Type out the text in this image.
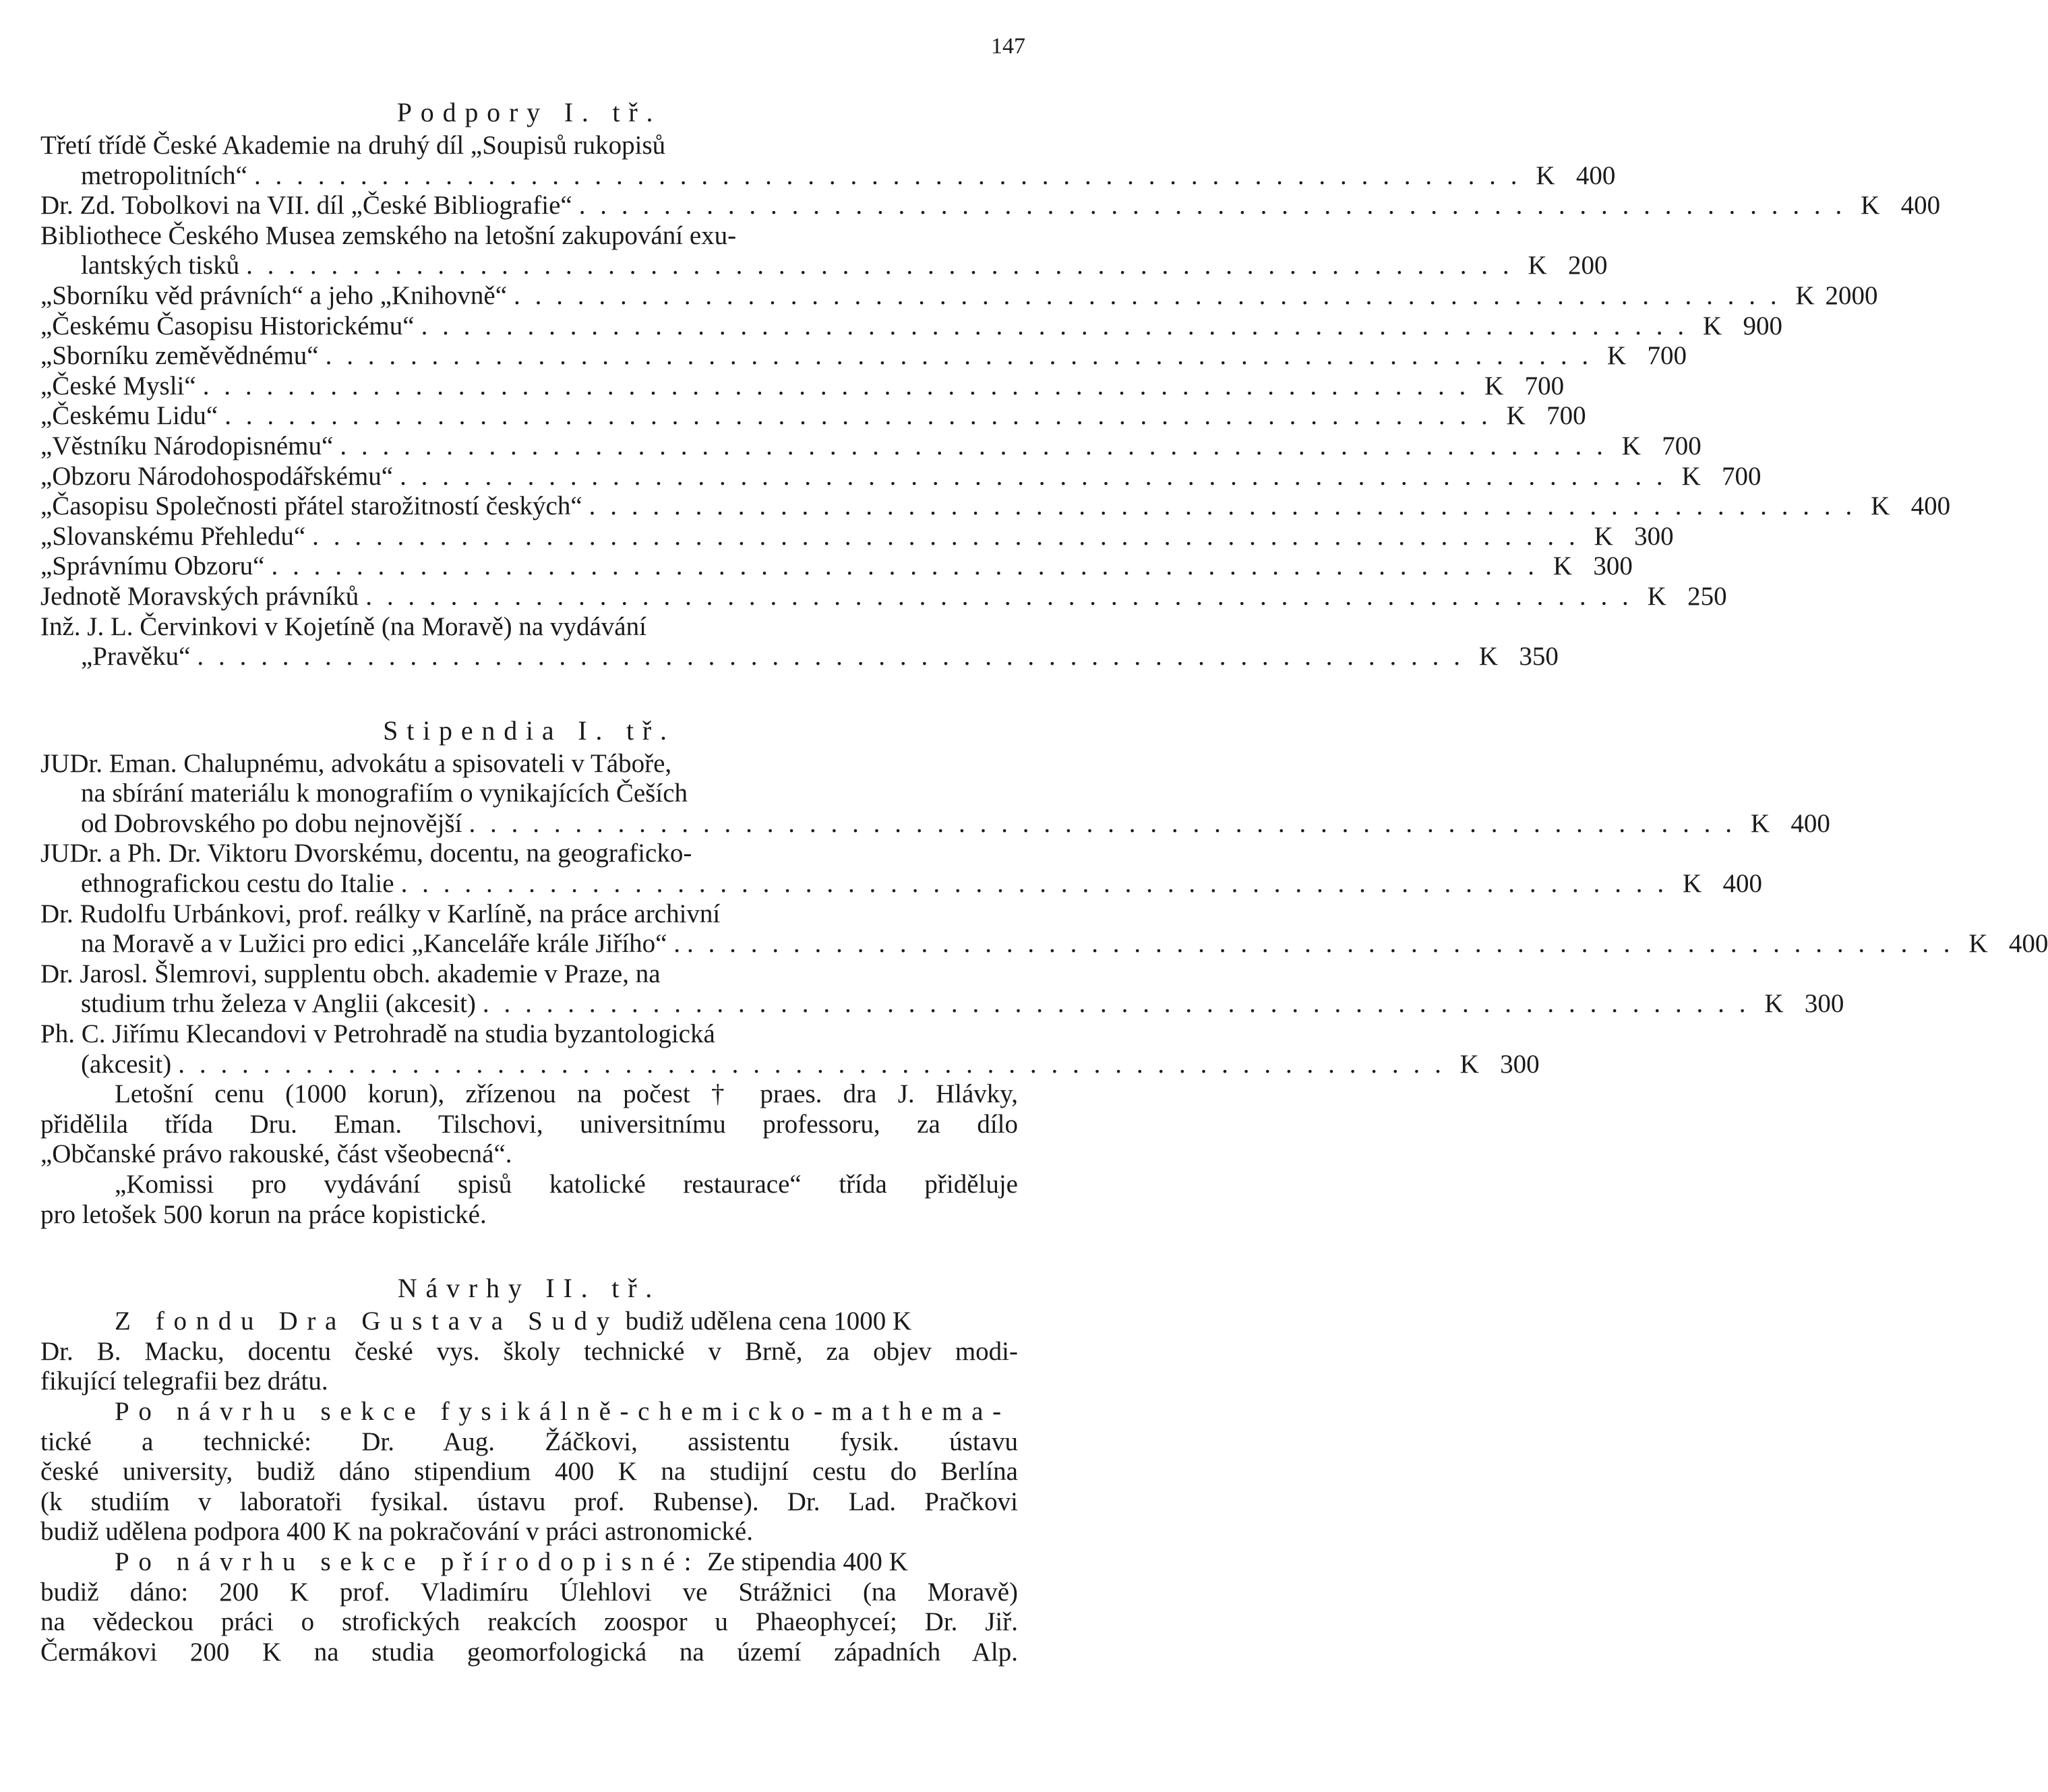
147
Podpory I. tř.
Třetí třídě České Akademie na druhý díl „Soupisů rukopisů
metropolitních“ ............................................................ K 400
Dr. Zd. Tobolkovi na VII. díl „České Bibliografie“ ............................................................ K 400
Bibliothece Českého Musea zemského na letošní zakupování exu-
lantských tisků ............................................................ K 200
„Sborníku věd právních“ a jeho „Knihovně“ ............................................................ K 2000
„Českému Časopisu Historickému“ ............................................................ K 900
„Sborníku zeměvědnému“ ............................................................ K 700
„České Mysli“ ............................................................ K 700
„Českému Lidu“ ............................................................ K 700
„Věstníku Národopisnému“ ............................................................ K 700
„Obzoru Národohospodářskému“ ............................................................ K 700
„Časopisu Společnosti přátel starožitností českých“ ............................................................ K 400
„Slovanskému Přehledu“ ............................................................ K 300
„Správnímu Obzoru“ ............................................................ K 300
Jednotě Moravských právníků ............................................................ K 250
Inž. J. L. Červinkovi v Kojetíně (na Moravě) na vydávání
„Pravěku“ ............................................................ K 350
Stipendia I. tř.
JUDr. Eman. Chalupnému, advokátu a spisovateli v Táboře,
na sbírání materiálu k monografiím o vynikajících Češích
od Dobrovského po dobu nejnovější ............................................................ K 400
JUDr. a Ph. Dr. Viktoru Dvorskému, docentu, na geograficko-
ethnografickou cestu do Italie ............................................................ K 400
Dr. Rudolfu Urbánkovi, prof. reálky v Karlíně, na práce archivní
na Moravě a v Lužici pro edici „Kanceláře krále Jiřího“ . ............................................................ K 400
Dr. Jarosl. Šlemrovi, supplentu obch. akademie v Praze, na
studium trhu železa v Anglii (akcesit) ............................................................ K 300
Ph. C. Jiřímu Klecandovi v Petrohradě na studia byzantologická
(akcesit) ............................................................ K 300
Letošní cenu (1000 korun), zřízenou na počest † praes. dra J. Hlávky,
přidělila třída Dru. Eman. Tilschovi, universitnímu professoru, za dílo
„Občanské právo rakouské, část všeobecná“.
„Komissi pro vydávání spisů katolické restaurace“ třída přiděluje
pro letošek 500 korun na práce kopistické.
Návrhy II. tř.
Z fondu Dra Gustava Sudy budiž udělena cena 1000 K
Dr. B. Macku, docentu české vys. školy technické v Brně, za objev modi-
fikující telegrafii bez drátu.
Po návrhu sekce fysikálně-chemicko-mathema-
tické a technické: Dr. Aug. Žáčkovi, assistentu fysik. ústavu
české university, budiž dáno stipendium 400 K na studijní cestu do Berlína
(k studiím v laboratoři fysikal. ústavu prof. Rubense). Dr. Lad. Pračkovi
budiž udělena podpora 400 K na pokračování v práci astronomické.
Po návrhu sekce přírodopisné: Ze stipendia 400 K
budiž dáno: 200 K prof. Vladimíru Úlehlovi ve Strážnici (na Moravě)
na vědeckou práci o strofických reakcích zoospor u Phaeophyceí; Dr. Jiř.
Čermákovi 200 K na studia geomorfologická na území západních Alp.
